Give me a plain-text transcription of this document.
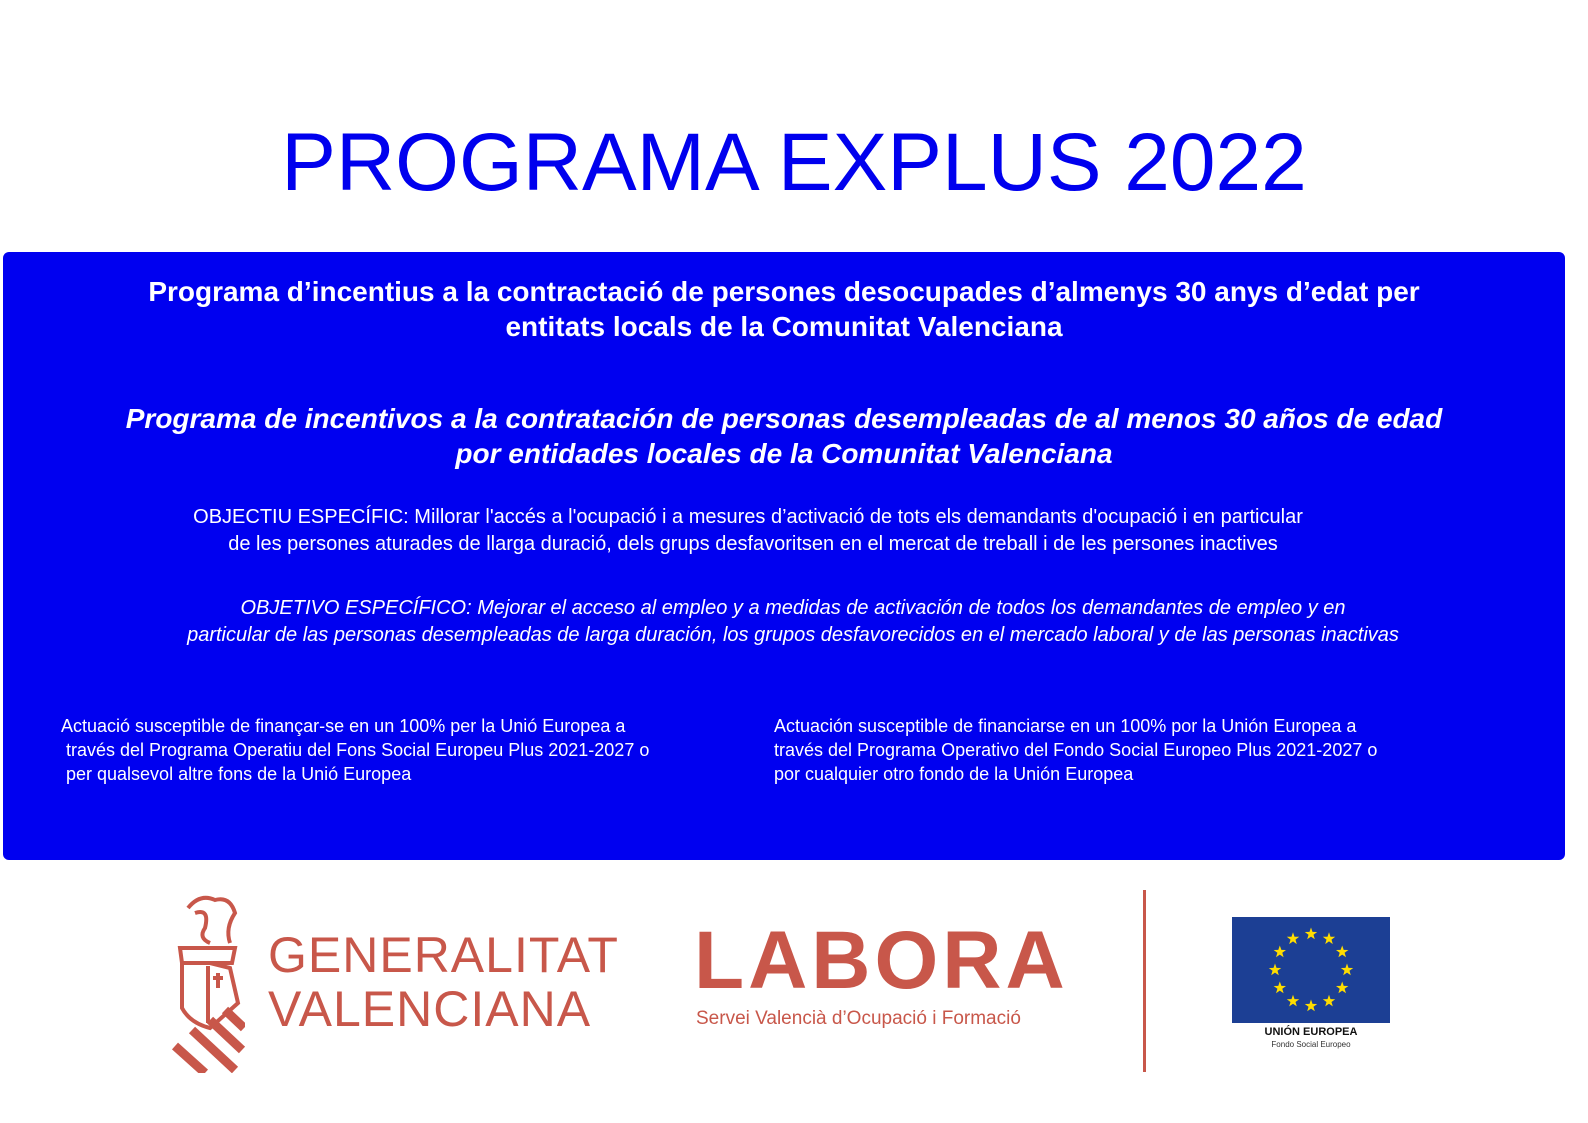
PROGRAMA EXPLUS 2022
Programa d’incentius a la contractació de persones desocupades d’almenys 30 anys d’edat per
entitats locals de la Comunitat Valenciana
Programa de incentivos a la contratación de personas desempleadas de al menos 30 años de edad
por entidades locales de la Comunitat Valenciana
OBJECTIU ESPECÍFIC: Millorar l'accés a l'ocupació i a mesures d’activació de tots els demandants d'ocupació i en particular
de les persones aturades de llarga duració, dels grups desfavoritsen en el mercat de treball i de les persones inactives
OBJETIVO ESPECÍFICO: Mejorar el acceso al empleo y a medidas de activación de todos los demandantes de empleo y en
particular de las personas desempleadas de larga duración, los grupos desfavorecidos en el mercado laboral y de las personas inactivas
Actuació susceptible de finançar-se en un 100% per la Unió Europea a
través del Programa Operatiu del Fons Social Europeu Plus 2021-2027 o
per qualsevol altre fons de la Unió Europea
Actuación susceptible de financiarse en un 100% por la Unión Europea a
través del Programa Operativo del Fondo Social Europeo Plus 2021-2027 o
por cualquier otro fondo de la Unión Europea
GENERALITAT
VALENCIANA
LABORA
Servei Valencià d’Ocupació i Formació
UNIÓN EUROPEA
Fondo Social Europeo
